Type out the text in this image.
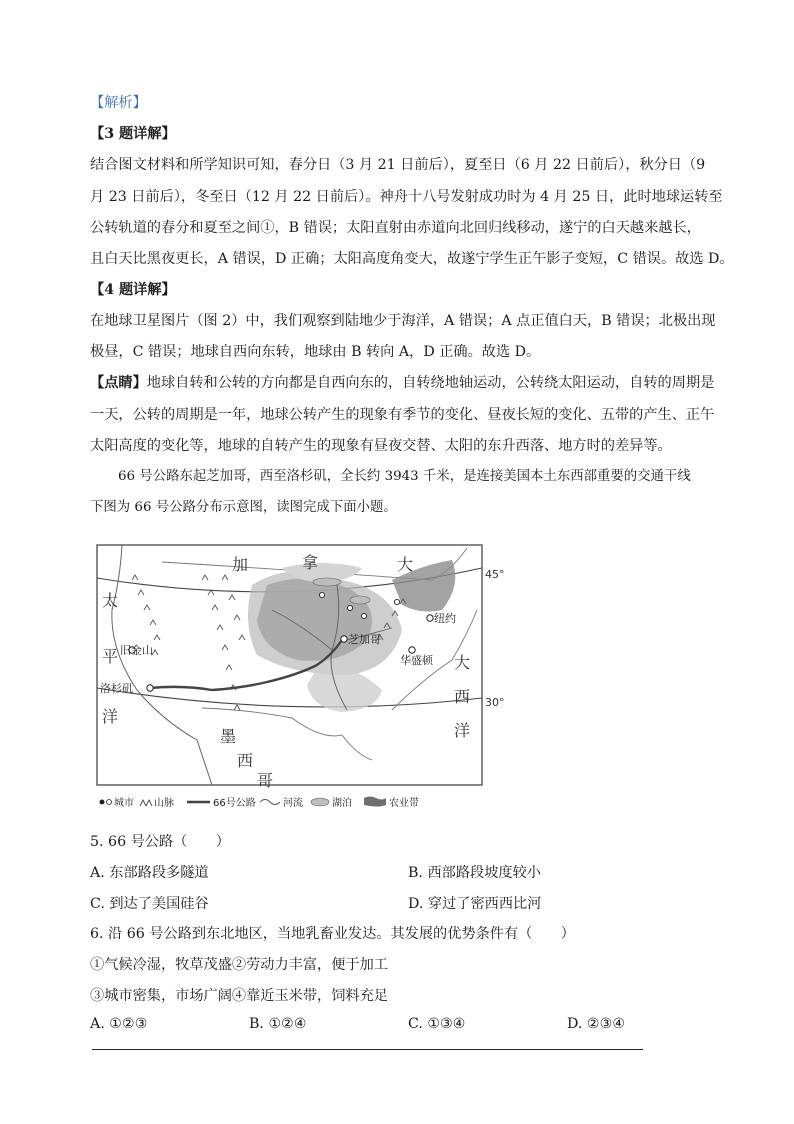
【解析】
【3 题详解】
结合图文材料和所学知识可知，春分日（3 月 21 日前后），夏至日（6 月 22 日前后），秋分日（9
月 23 日前后），冬至日（12 月 22 日前后）。神舟十八号发射成功时为 4 月 25 日，此时地球运转至
公转轨道的春分和夏至之间①，B 错误；太阳直射由赤道向北回归线移动，遂宁的白天越来越长，
且白天比黑夜更长，A 错误，D 正确；太阳高度角变大，故遂宁学生正午影子变短，C 错误。故选 D。
【4 题详解】
在地球卫星图片（图 2）中，我们观察到陆地少于海洋，A 错误；A 点正值白天，B 错误；北极出现
极昼，C 错误；地球自西向东转，地球由 B 转向 A，D 正确。故选 D。
【点睛】地球自转和公转的方向都是自西向东的，自转绕地轴运动，公转绕太阳运动，自转的周期是
一天，公转的周期是一年，地球公转产生的现象有季节的变化、昼夜长短的变化、五带的产生、正午
太阳高度的变化等，地球的自转产生的现象有昼夜交替、太阳的东升西落、地方时的差异等。
66 号公路东起芝加哥，西至洛杉矶，全长约 3943 千米，是连接美国本土东西部重要的交通干线
下图为 66 号公路分布示意图，读图完成下面小题。
加	拿	大
太
平
洋
大
西
洋
墨
西
哥
45°
30°
旧金山
洛杉矶
芝加哥
纽约
华盛顿
城市 山脉	66号公路	河流	湖泊	农业带
5. 66 号公路（　　）
A. 东部路段多隧道	B. 西部路段坡度较小
C. 到达了美国硅谷	D. 穿过了密西西比河
6. 沿 66 号公路到东北地区，当地乳畜业发达。其发展的优势条件有（　　）
①气候冷湿，牧草茂盛②劳动力丰富，便于加工
③城市密集，市场广阔④靠近玉米带，饲料充足
A. ①②③	B. ①②④	C. ①③④	D. ②③④
